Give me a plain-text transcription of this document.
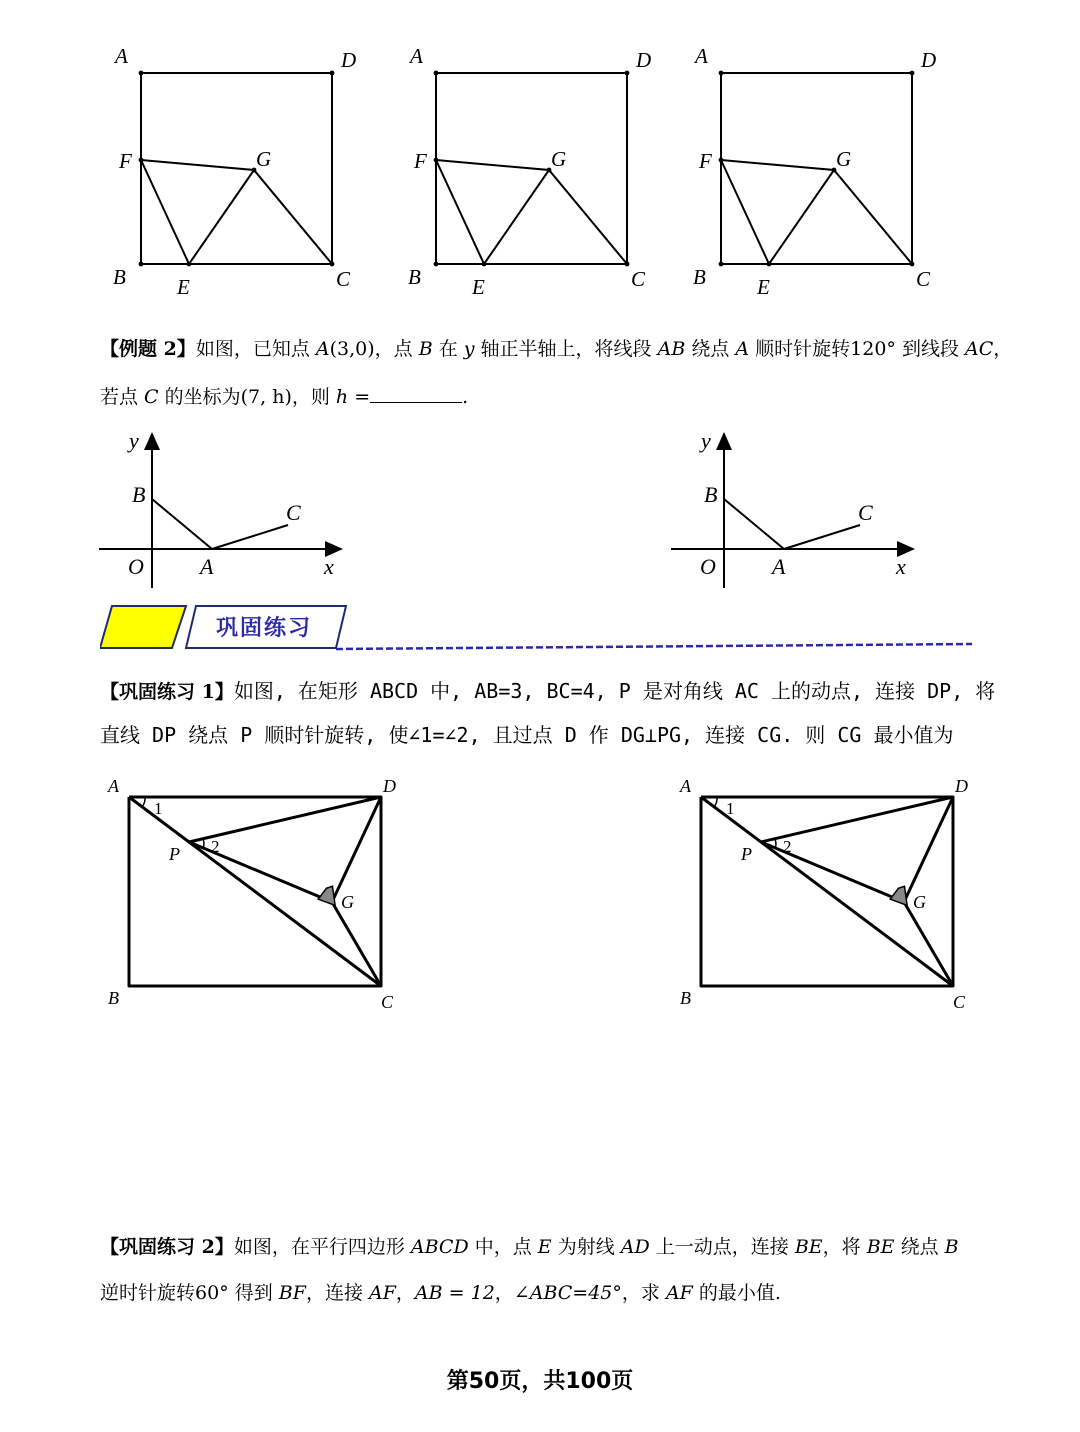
A	D
F	G
B E	C
A	D
F	G
B E	C
A	D
F	G
B E	C
【例题 2】如图，已知点 A(3,0)，点 B 在 y 轴正半轴上，将线段 AB 绕点 A 顺时针旋转120° 到线段 AC，
若点 C 的坐标为(7, h)，则 h =	.
y
B
C
O	A	x
y
B
C
O	A	x
巩固练习
【巩固练习 1】如图, 在矩形 ABCD 中, AB=3, BC=4, P 是对角线 AC 上的动点, 连接 DP, 将
直线 DP 绕点 P 顺时针旋转, 使∠1=∠2, 且过点 D 作 DG⊥PG, 连接 CG. 则 CG 最小值为
A	D
P
G
B	C
1
2
A	D
P
G
B	C
1
2
【巩固练习 2】如图，在平行四边形 ABCD 中，点 E 为射线 AD 上一动点，连接 BE，将 BE 绕点 B
逆时针旋转60° 得到 BF，连接 AF，AB = 12，∠ABC=45°，求 AF 的最小值.
第50页，共100页
